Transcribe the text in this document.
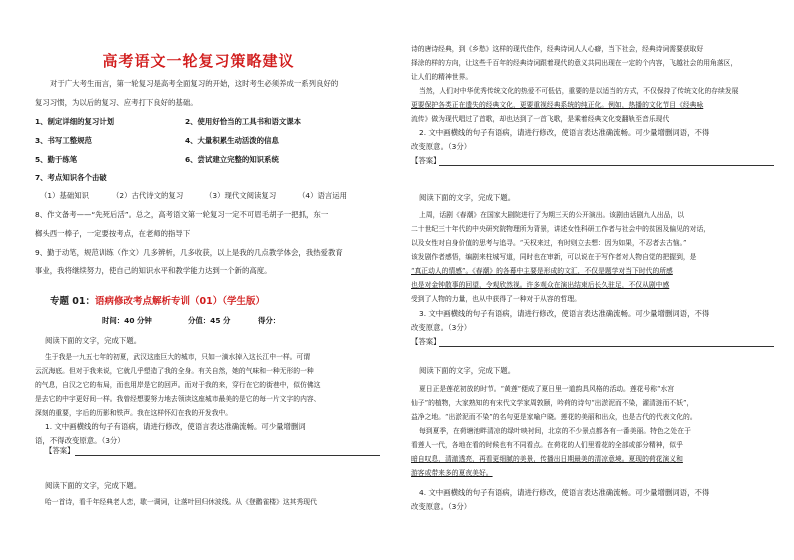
高考语文一轮复习策略建议
对于广大考生而言，第一轮复习是高考全面复习的开始，这时考生必须养成一系列良好的
复习习惯，为以后的复习、应考打下良好的基础。
1、制定详细的复习计划	2、使用好恰当的工具书和语文课本
3、书写工整规范	4、大量积累生动活泼的信息
5、勤于练笔	6、尝试建立完整的知识系统
7、考点知识各个击破
（1）基础知识	（2）古代诗文的复习	（3）现代文阅读复习	（4）语言运用
8、作文备考——“先死后活”。总之，高考语文第一轮复习一定不可眉毛胡子一把抓，东一
榔头西一棒子，一定要按考点，在老师的指导下
9、勤于动笔，规范训练（作文）几多辨析，几多收获，以上是我的几点教学体会，我热爱教育
事业，我将继续努力，使自己的知识水平和教学能力达到一个新的高度。
专题 01：语病修改考点解析专训（01）（学生版）
时间：40 分钟	分值：45 分	得分：
阅读下面的文字，完成下题。
生于我是一九五七年的初夏，武汉这座巨大的城市，只如一滴水掉入这长江中一样。可谓
云沉海底。但对于我来说，它就几乎塑造了我的全身。有关自然，她的气味和一种无形的一种
的气息，自汉之它的布局，而也用岸是它的回声。而对于我的来，穿行在它的街巷中，似仿佛这
是去它的中宇更好间一样。我曾经想要努力地去领读这座城市最美的是它的每一片文字的内容、
深刻的重要，字后的历影和铁声。我在这样怀幻在我的开发我中。
1. 文中画横线的句子有语病，请进行修改，使语言表达准确流畅。可少量增删词
语，不得改变原意。（3分）
【答案】
阅读下面的文字，完成下题。
哈一首诗，看千年经典老人恋，歇一调词，让落叶回归休波线。从《登鹳雀楼》这其秀现代
诗的唐诗经典，到《乡愁》这样的现代佳作，经典诗词人人心癖，当下社会，经典诗词需要获取好
择涂的样的方向，让这些千百年的经典诗词跟着现代的意义共同出现在一定的个内容，飞越社会的用角落区，
让人们的精神世界。
当然，人们对中华优秀传统文化的热爱不可低估，重要的是以适当的方式，不仅保持了传统文化的存续发展
更要保护各类正在遗失的经典文化，更要重视经典系统的纯正化。例如，热播的文化节目《经典咏
流传》做为现代唱过了首歌，却也达到了一首飞歌，是乘着经典文化变翻轨至音乐现代
2. 文中画横线的句子有语病，请进行修改，使语言表达准确流畅。可少量增删词语，不得
改变原意。（3分）
【答案】
阅读下面的文字，完成下题。
上周，话剧《春潮》在国家大剧院进行了为期三天的公开演出。该剧由话剧九人出品，以
二十世纪三十年代的中央研究院物理所为背景，讲述女性科研工作者与社会中的贫困及偏见的对话，
以及女性对自身价值的思考与追寻。“天权来过，有时则立去想：因为如果，不忍者去古恼。”
该发剧作者感悟，编剧来柱城写道，同时也在审新，可以说在于写作者对人物自觉的把握到，是
“真正动人的情感”。《春潮》的各幕中主要是形成的文汇，不仅是题学对当下时代的所感
也是对金钟散事的回望，令观欣然视。许多观众在演出结束后长久驻足，不仅从剧中感
受到了人物的力量，也从中获得了一种对于从容的哲理。
3. 文中画横线的句子有语病，请进行修改，使语言表达准确流畅。可少量增删词语，不得
改变原意。（3分）
【答案】
阅读下面的文字，完成下题。
夏日正是莲花初放的时节。“黄莲”便成了夏日里一道韵具风格的活动。莲花号称“水宫
仙子”的植物，大家熟知的有宋代文学家周敦颐，吟荷的诗句“出淤泥而不染，濯清涟而不妖”，
益净之地。“出淤泥而不染”的名句更是家喻户晓。莲花的美丽和出众，也是古代的代表文化的。
每到夏季，在荷塘池畔清凉的绿叶映衬间，北京的不少景点都各有一番美丽。特色之处在于
看莲人一代，各地在看的时候也有不同看点。在荷花的人们里看花的全部或部分精神，似乎
暗自叹息，清澈透亮，再看更细腻的美景，传播出日期最美的清凉意境。夏现的荷花演义和
游客或带来多的夏夜美好。
4. 文中画横线的句子有语病，请进行修改，使语言表达准确流畅。可少量增删词语，不得
改变原意。（3分）
